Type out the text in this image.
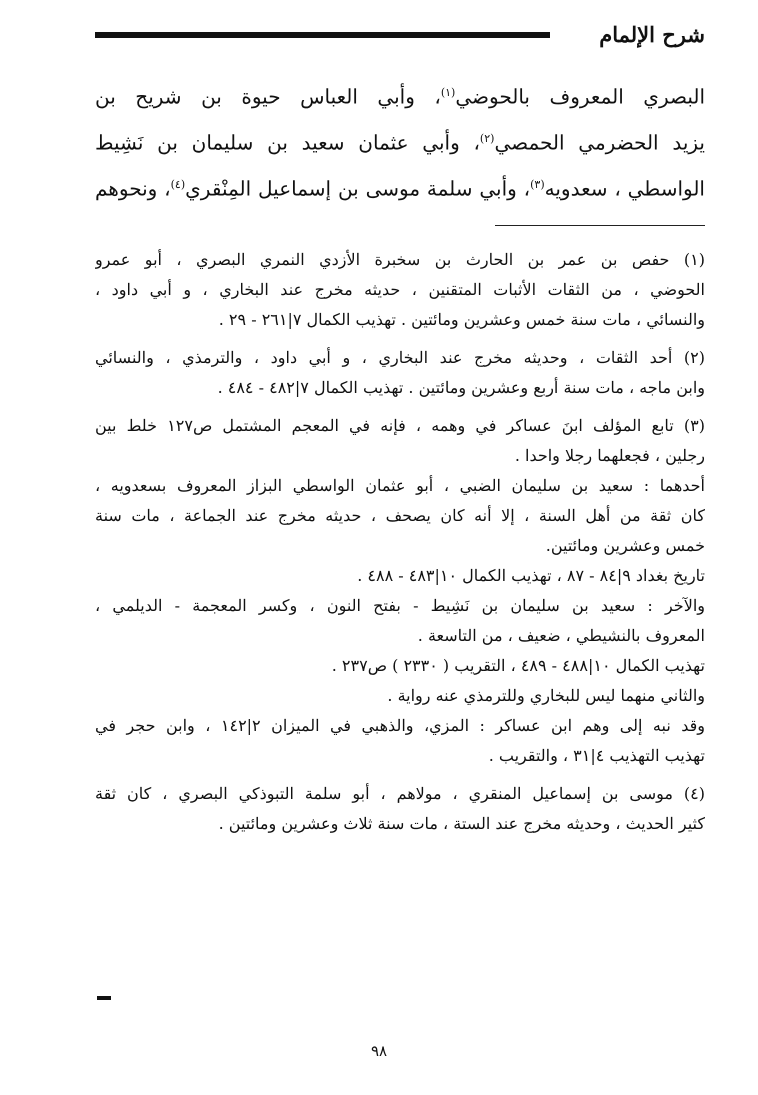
شرح الإلمام
البصري المعروف بالحوضي$^{(١)}$، وأبي العباس حيوة بن شريح بن
يزيد الحضرمي الحمصي$^{(٢)}$، وأبي عثمان سعيد بن سليمان بن نَشِيط
الواسطي ، سعدويه$^{(٣)}$، وأبي سلمة موسى بن إسماعيل المِنْقري$^{(٤)}$، ونحوهم
(١) حفص بن عمر بن الحارث بن سخبرة الأزدي النمري البصري ، أبو عمرو
الحوضي ، من الثقات الأثبات المتقنين ، حديثه مخرج عند البخاري ، و أبي داود ،
والنسائي ، مات سنة خمس وعشرين ومائتين . تهذيب الكمال ٧|٢٦١ - ٢٩ .
(٢) أحد الثقات ، وحديثه مخرج عند البخاري ، و أبي داود ، والترمذي ، والنسائي
وابن ماجه ، مات سنة أربع وعشرين ومائتين . تهذيب الكمال ٧|٤٨٢ - ٤٨٤ .
(٣) تابع المؤلف ابنَ عساكر في وهمه ، فإنه في المعجم المشتمل ص١٢٧ خلط بين
رجلين ، فجعلهما رجلا واحدا .
أحدهما : سعيد بن سليمان الضبي ، أبو عثمان الواسطي البزاز المعروف بسعدويه ،
كان ثقة من أهل السنة ، إلا أنه كان يصحف ، حديثه مخرج عند الجماعة ، مات سنة
خمس وعشرين ومائتين.
تاريخ بغداد ٩|٨٤ - ٨٧ ، تهذيب الكمال ١٠|٤٨٣ - ٤٨٨ .
والآخر : سعيد بن سليمان بن نَشِيط - بفتح النون ، وكسر المعجمة - الديلمي ،
المعروف بالنشيطي ، ضعيف ، من التاسعة .
تهذيب الكمال ١٠|٤٨٨ - ٤٨٩ ، التقريب ( ٢٣٣٠ ) ص٢٣٧ .
والثاني منهما ليس للبخاري وللترمذي عنه رواية .
وقد نبه إلى وهم ابن عساكر : المزي، والذهبي في الميزان ٢|١٤٢ ، وابن حجر في
تهذيب التهذيب ٤|٣١ ، والتقريب .
(٤) موسى بن إسماعيل المنقري ، مولاهم ، أبو سلمة التبوذكي البصري ، كان ثقة
كثير الحديث ، وحديثه مخرج عند الستة ، مات سنة ثلاث وعشرين ومائتين .
٩٨
